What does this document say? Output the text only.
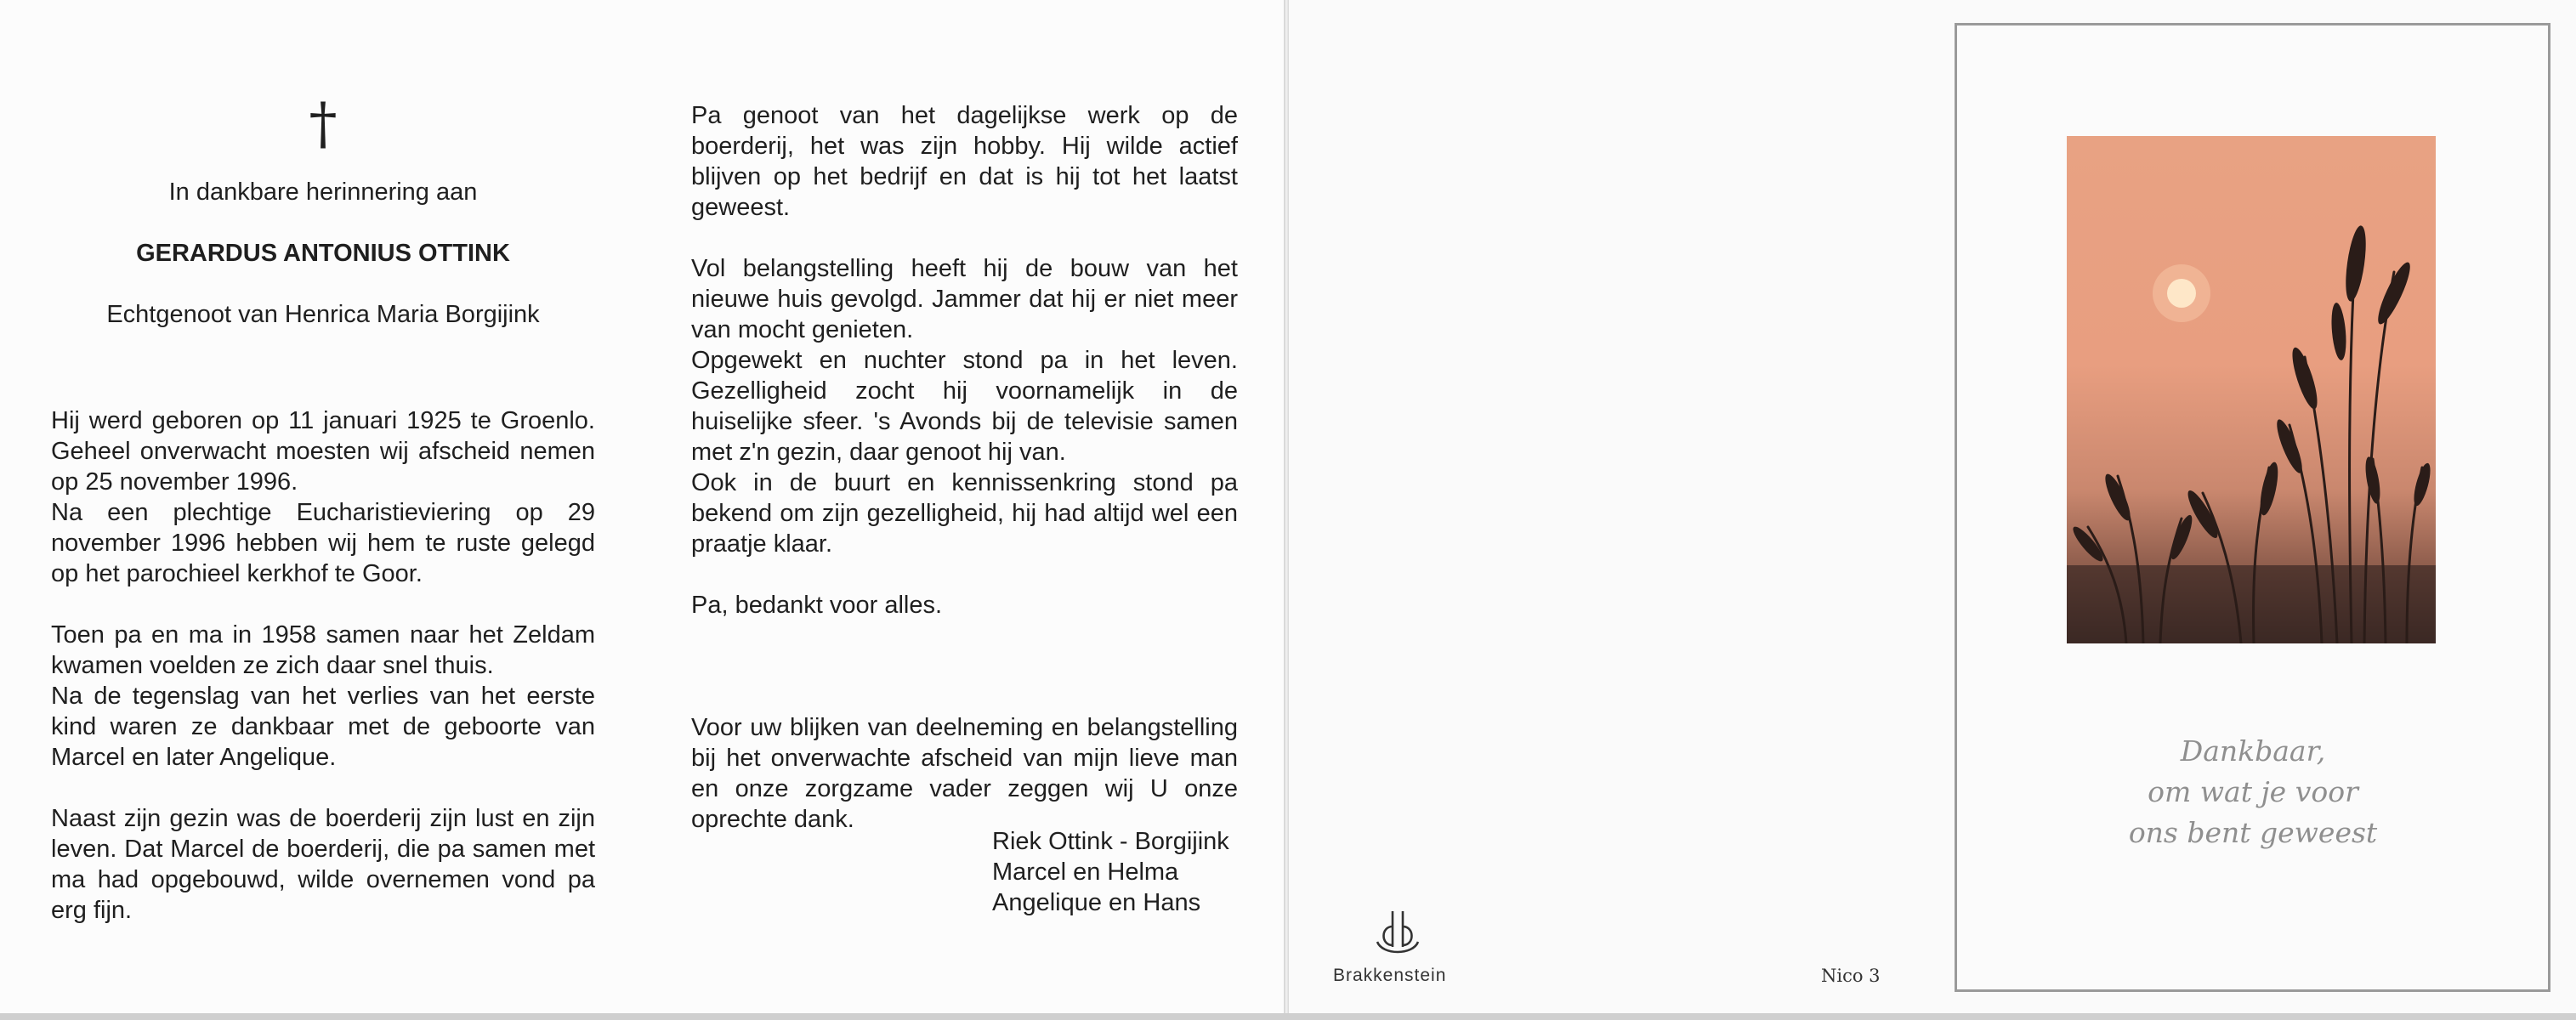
†
In dankbare herinnering aan
GERARDUS ANTONIUS OTTINK
Echtgenoot van Henrica Maria Borgijink

Hij werd geboren op 11 januari 1925 te Groenlo. Geheel onverwacht moesten wij afscheid nemen op 25 november 1996.

Na een plechtige Eucharistieviering op 29 november 1996 hebben wij hem te ruste gelegd op het parochieel kerkhof te Goor.

Toen pa en ma in 1958 samen naar het Zeldam kwamen voelden ze zich daar snel thuis.

Na de tegenslag van het verlies van het eerste kind waren ze dankbaar met de geboorte van Marcel en later Angelique.

Naast zijn gezin was de boerderij zijn lust en zijn leven. Dat Marcel de boerderij, die pa samen met ma had opgebouwd, wilde overnemen vond pa erg fijn.

Pa genoot van het dagelijkse werk op de boerderij, het was zijn hobby. Hij wilde actief blijven op het bedrijf en dat is hij tot het laatst geweest.

Vol belangstelling heeft hij de bouw van het nieuwe huis gevolgd. Jammer dat hij er niet meer van mocht genieten.

Opgewekt en nuchter stond pa in het leven. Gezelligheid zocht hij voornamelijk in de huiselijke sfeer. 's Avonds bij de televisie samen met z'n gezin, daar genoot hij van.

Ook in de buurt en kennissenkring stond pa bekend om zijn gezelligheid, hij had altijd wel een praatje klaar.

Pa, bedankt voor alles.

Voor uw blijken van deelneming en belangstelling bij het onverwachte afscheid van mijn lieve man en onze zorgzame vader zeggen wij U onze oprechte dank.

Riek Ottink - Borgijink
Marcel en Helma
Angelique en Hans
Brakkenstein	Nico 3
Dankbaar,
om wat je voor
ons bent geweest
